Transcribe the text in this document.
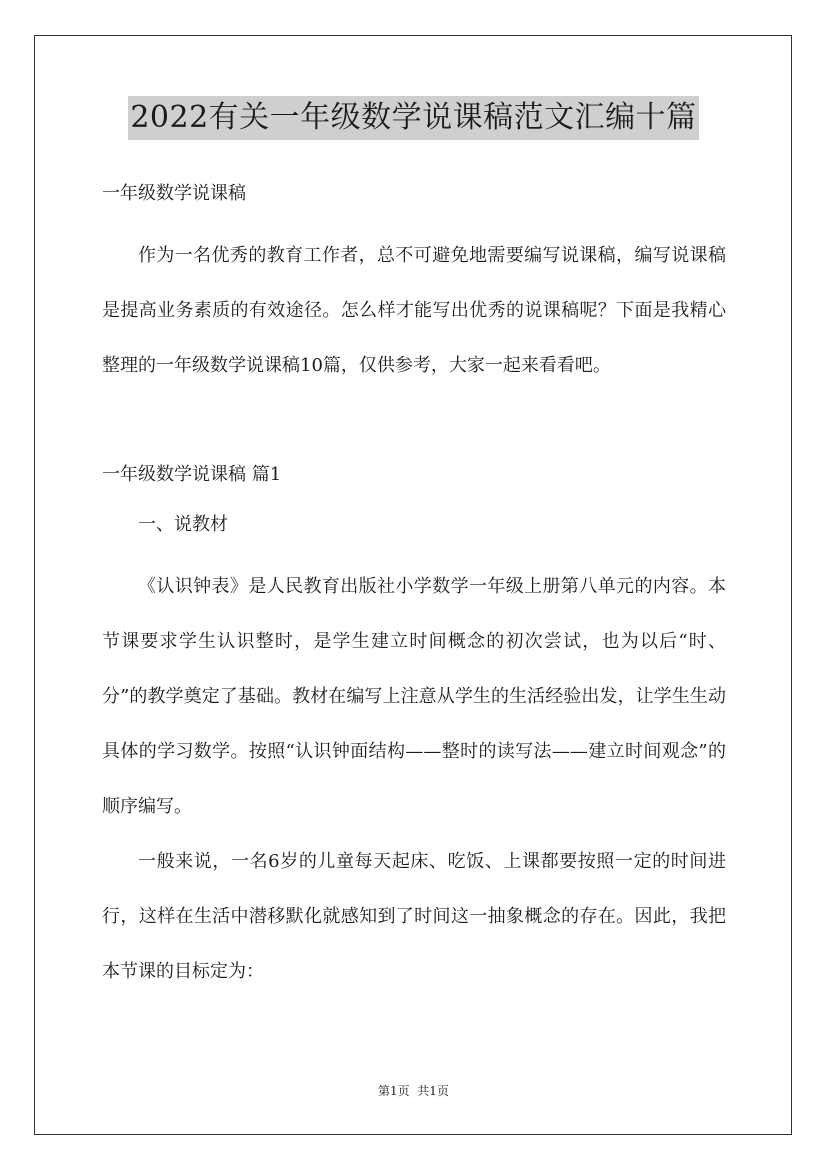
2022有关一年级数学说课稿范文汇编十篇

一年级数学说课稿

作为一名优秀的教育工作者，总不可避免地需要编写说课稿，编写说课稿是提高业务素质的有效途径。怎么样才能写出优秀的说课稿呢？下面是我精心整理的一年级数学说课稿10篇，仅供参考，大家一起来看看吧。

一年级数学说课稿 篇1

一、说教材

《认识钟表》是人民教育出版社小学数学一年级上册第八单元的内容。本节课要求学生认识整时，是学生建立时间概念的初次尝试，也为以后“时、分”的教学奠定了基础。教材在编写上注意从学生的生活经验出发，让学生生动具体的学习数学。按照“认识钟面结构——整时的读写法——建立时间观念”的顺序编写。

一般来说，一名6岁的儿童每天起床、吃饭、上课都要按照一定的时间进行，这样在生活中潜移默化就感知到了时间这一抽象概念的存在。因此，我把本节课的目标定为：

第1页  共1页
